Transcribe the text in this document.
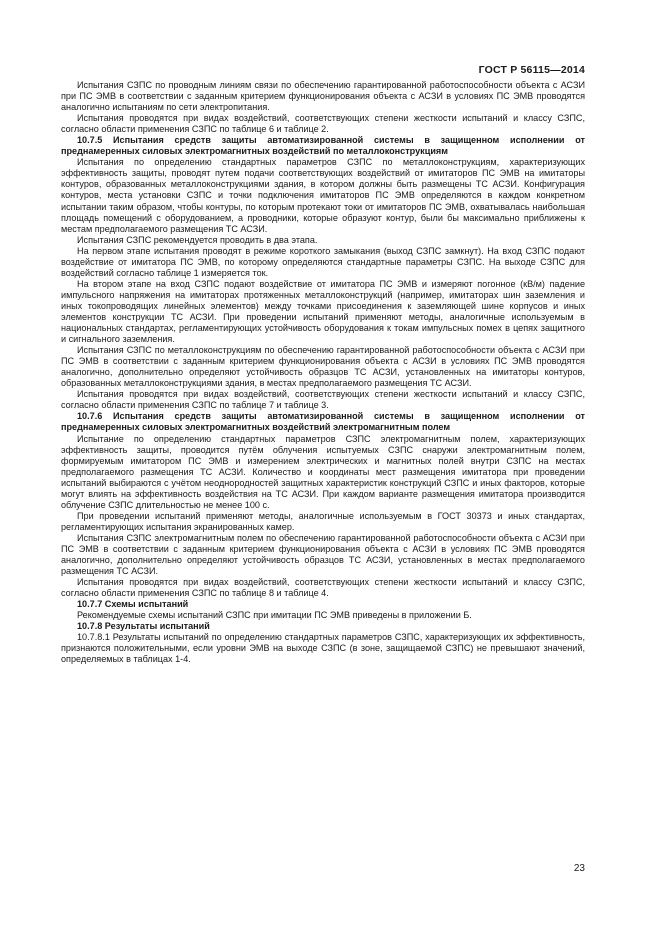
ГОСТ Р 56115—2014

Испытания СЗПС по проводным линиям связи по обеспечению гарантированной работоспособности объекта с АСЗИ при ПС ЭМВ в соответствии с заданным критерием функционирования объекта с АСЗИ в условиях ПС ЭМВ проводятся аналогично испытаниям по сети электропитания.

Испытания проводятся при видах воздействий, соответствующих степени жесткости испытаний и классу СЗПС, согласно области применения СЗПС по таблице 6 и таблице 2.

10.7.5 Испытания средств защиты автоматизированной системы в защищенном исполнении от преднамеренных силовых электромагнитных воздействий по металлоконструкциям

Испытания по определению стандартных параметров СЗПС по металлоконструкциям, характеризующих эффективность защиты, проводят путем подачи соответствующих воздействий от имитаторов ПС ЭМВ на имитаторы контуров, образованных металлоконструкциями здания, в котором должны быть размещены ТС АСЗИ. Конфигурация контуров, места установки СЗПС и точки подключения имитаторов ПС ЭМВ определяются в каждом конкретном испытании таким образом, чтобы контуры, по которым протекают токи от имитаторов ПС ЭМВ, охватывалась наибольшая площадь помещений с оборудованием, а проводники, которые образуют контур, были бы максимально приближены к местам предполагаемого размещения ТС АСЗИ.

Испытания СЗПС рекомендуется проводить в два этапа.

На первом этапе испытания проводят в режиме короткого замыкания (выход СЗПС замкнут). На вход СЗПС подают воздействие от имитатора ПС ЭМВ, по которому определяются стандартные параметры СЗПС. На выходе СЗПС для воздействий согласно таблице 1 измеряется ток.

На втором этапе на вход СЗПС подают воздействие от имитатора ПС ЭМВ и измеряют погонное (кВ/м) падение импульсного напряжения на имитаторах протяженных металлоконструкций (например, имитаторах шин заземления и иных токопроводящих линейных элементов) между точками присоединения к заземляющей шине корпусов и иных элементов конструкции ТС АСЗИ. При проведении испытаний применяют методы, аналогичные используемым в национальных стандартах, регламентирующих устойчивость оборудования к токам импульсных помех в цепях защитного и сигнального заземления.

Испытания СЗПС по металлоконструкциям по обеспечению гарантированной работоспособности объекта с АСЗИ при ПС ЭМВ в соответствии с заданным критерием функционирования объекта с АСЗИ в условиях ПС ЭМВ проводятся аналогично, дополнительно определяют устойчивость образцов ТС АСЗИ, установленных на имитаторы контуров, образованных металлоконструкциями здания, в местах предполагаемого размещения ТС АСЗИ.

Испытания проводятся при видах воздействий, соответствующих степени жесткости испытаний и классу СЗПС, согласно области применения СЗПС по таблице 7 и таблице 3.

10.7.6 Испытания средств защиты автоматизированной системы в защищенном исполнении от преднамеренных силовых электромагнитных воздействий электромагнитным полем

Испытание по определению стандартных параметров СЗПС электромагнитным полем, характеризующих эффективность защиты, проводится путём облучения испытуемых СЗПС снаружи электромагнитным полем, формируемым имитатором ПС ЭМВ и измерением электрических и магнитных полей внутри СЗПС на местах предполагаемого размещения ТС АСЗИ. Количество и координаты мест размещения имитатора при проведении испытаний выбираются с учётом неоднородностей защитных характеристик конструкций СЗПС и иных факторов, которые могут влиять на эффективность воздействия на ТС АСЗИ. При каждом варианте размещения имитатора производится облучение СЗПС длительностью не менее 100 с.

При проведении испытаний применяют методы, аналогичные используемым в ГОСТ 30373 и иных стандартах, регламентирующих испытания экранированных камер.

Испытания СЗПС электромагнитным полем по обеспечению гарантированной работоспособности объекта с АСЗИ при ПС ЭМВ в соответствии с заданным критерием функционирования объекта с АСЗИ в условиях ПС ЭМВ проводятся аналогично, дополнительно определяют устойчивость образцов ТС АСЗИ, установленных в местах предполагаемого размещения ТС АСЗИ.

Испытания проводятся при видах воздействий, соответствующих степени жесткости испытаний и классу СЗПС, согласно области применения СЗПС по таблице 8 и таблице 4.

10.7.7 Схемы испытаний

Рекомендуемые схемы испытаний СЗПС при имитации ПС ЭМВ приведены в приложении Б.

10.7.8 Результаты испытаний

10.7.8.1 Результаты испытаний по определению стандартных параметров СЗПС, характеризующих их эффективность, признаются положительными, если уровни ЭМВ на выходе СЗПС (в зоне, защищаемой СЗПС) не превышают значений, определяемых в таблицах 1-4.

23
